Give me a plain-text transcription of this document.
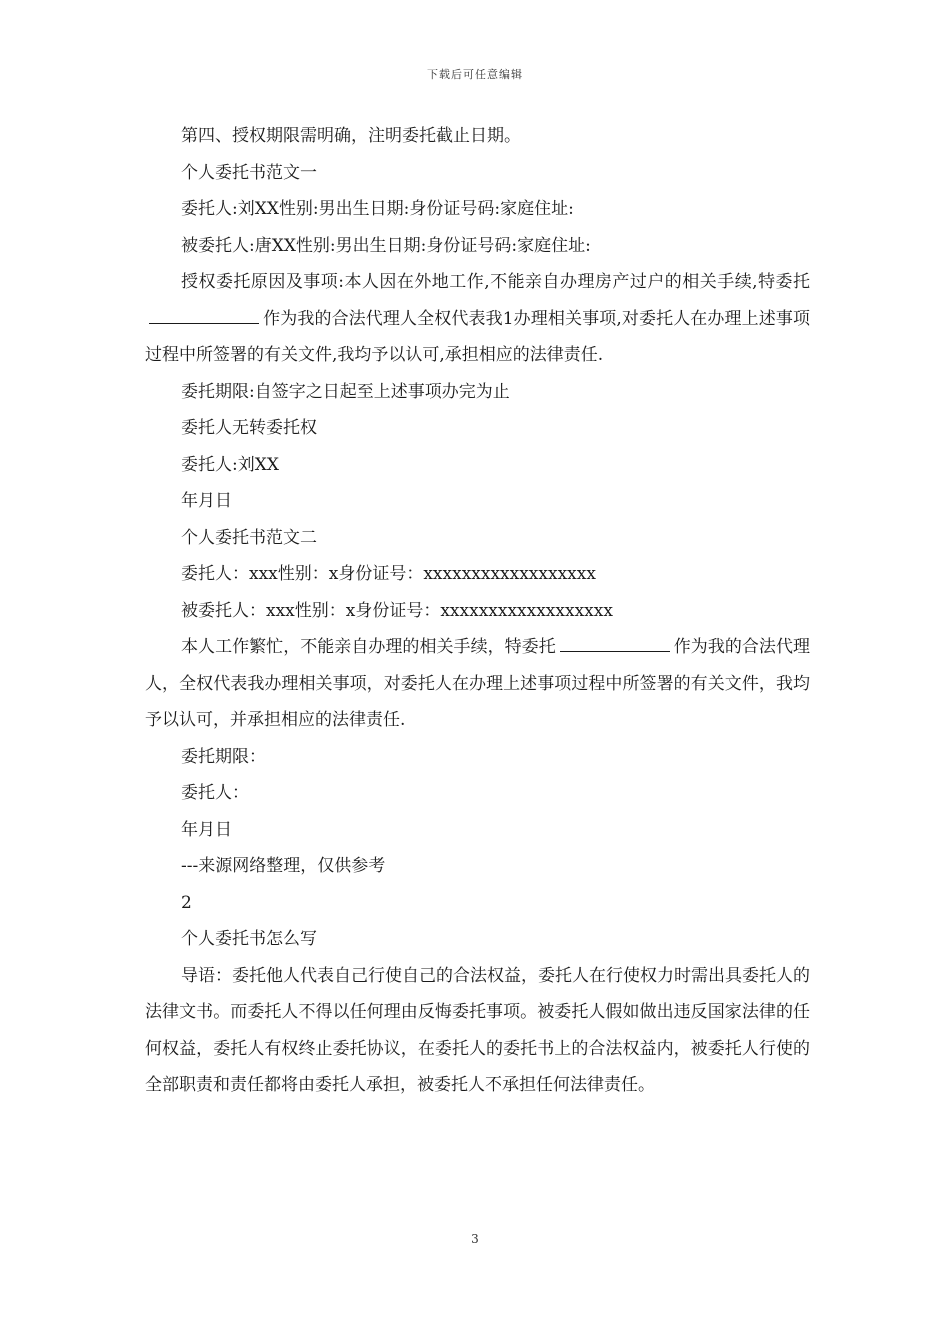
下载后可任意编辑

第四、授权期限需明确，注明委托截止日期。

个人委托书范文一

委托人:刘XX性别:男出生日期:身份证号码:家庭住址:

被委托人:唐XX性别:男出生日期:身份证号码:家庭住址:

授权委托原因及事项:本人因在外地工作,不能亲自办理房产过户的相关手续,特委托作为我的合法代理人全权代表我1办理相关事项,对委托人在办理上述事项过程中所签署的有关文件,我均予以认可,承担相应的法律责任.

委托期限:自签字之日起至上述事项办完为止

委托人无转委托权

委托人:刘XX

年月日

个人委托书范文二

委托人：xxx性别：x身份证号：xxxxxxxxxxxxxxxxxx

被委托人：xxx性别：x身份证号：xxxxxxxxxxxxxxxxxx

本人工作繁忙，不能亲自办理的相关手续，特委托	作为我的合法代理人，全权代表我办理相关事项，对委托人在办理上述事项过程中所签署的有关文件，我均予以认可，并承担相应的法律责任.

委托期限：

委托人：

年月日

---来源网络整理，仅供参考

2

个人委托书怎么写

导语：委托他人代表自己行使自己的合法权益，委托人在行使权力时需出具委托人的法律文书。而委托人不得以任何理由反悔委托事项。被委托人假如做出违反国家法律的任何权益，委托人有权终止委托协议，在委托人的委托书上的合法权益内，被委托人行使的全部职责和责任都将由委托人承担，被委托人不承担任何法律责任。

3
